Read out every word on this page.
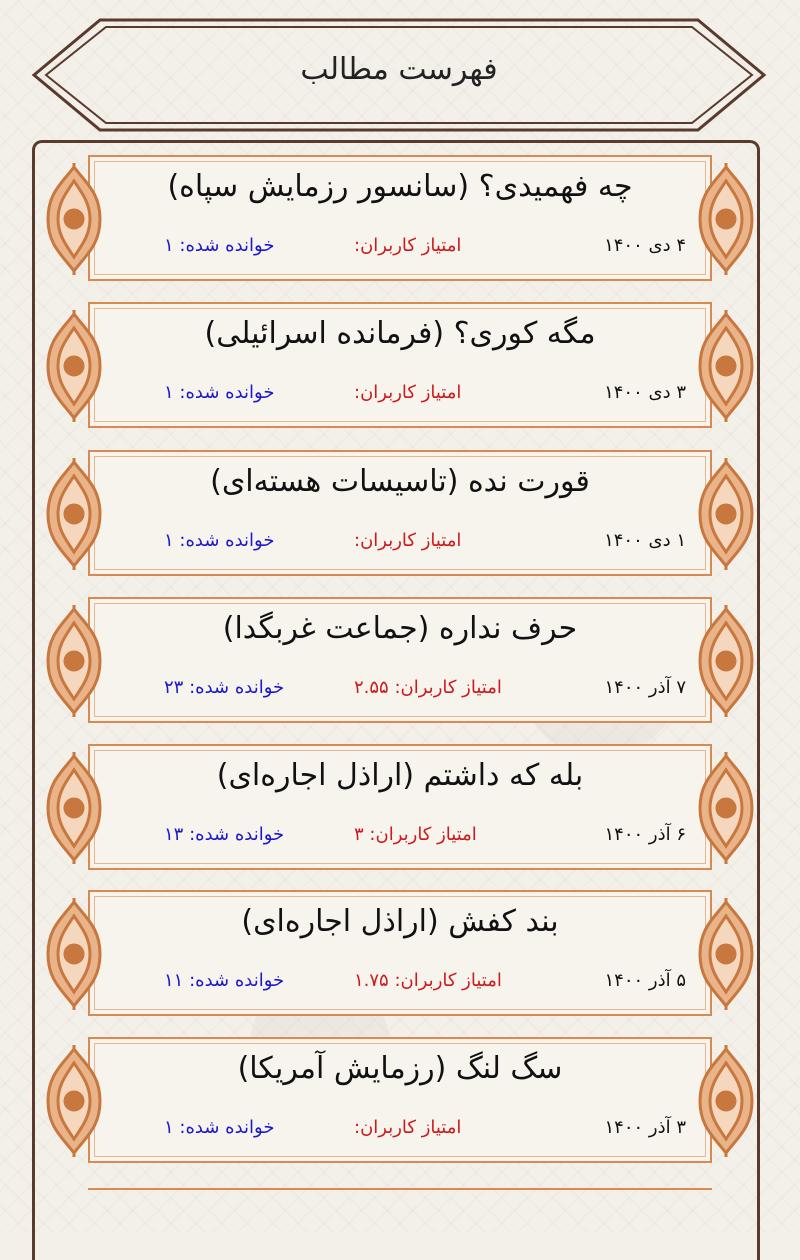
فهرست مطالب
چه فهمیدی؟ (سانسور رزمایش سپاه)
۴ دی ۱۴۰۰
امتیاز کاربران:
خوانده شده: ۱
مگه کوری؟ (فرمانده اسرائیلی)
۳ دی ۱۴۰۰
امتیاز کاربران:
خوانده شده: ۱
قورت نده (تاسیسات هسته‌ای)
۱ دی ۱۴۰۰
امتیاز کاربران:
خوانده شده: ۱
حرف نداره (جماعت غربگدا)
۷ آذر ۱۴۰۰
امتیاز کاربران: ۲.۵۵
خوانده شده: ۲۳
بله که داشتم (اراذل اجاره‌ای)
۶ آذر ۱۴۰۰
امتیاز کاربران: ۳
خوانده شده: ۱۳
بند کفش (اراذل اجاره‌ای)
۵ آذر ۱۴۰۰
امتیاز کاربران: ۱.۷۵
خوانده شده: ۱۱
سگ لنگ (رزمایش آمریکا)
۳ آذر ۱۴۰۰
امتیاز کاربران:
خوانده شده: ۱
